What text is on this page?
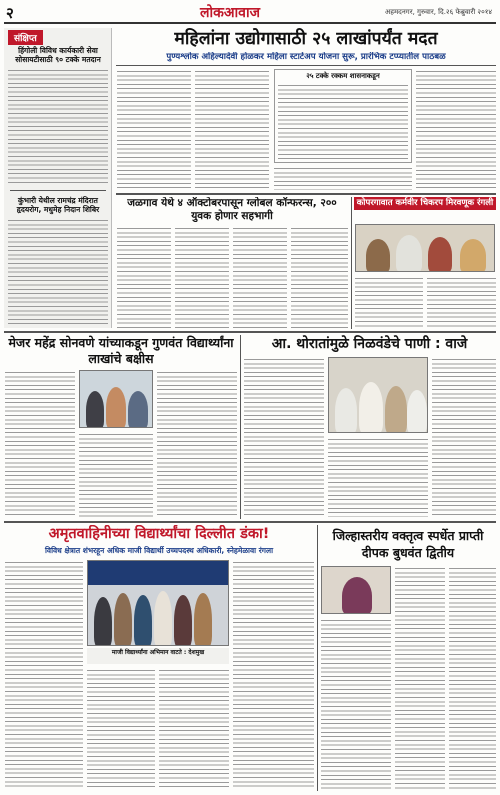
२	लोकआवाज	अहमदनगर, गुरुवार, दि.२६ फेब्रुवारी २०१४
संक्षिप्त
हिंगोली विविध कार्यकारी सेवा सोसायटीसाठी ९० टक्के मतदान
कुंभारी येथील रामचंद्र मंदिरात हृदयरोग, मधुमेह निदान शिबिर
महिलांना उद्योगासाठी २५ लाखांपर्यंत मदत
पुण्यश्लोक अहिल्यादेवी होळकर महिला स्टार्टअप योजना सुरू, प्रारंभिक टप्प्यातील पाठबळ
२५ टक्के रक्कम शासनाकडून
जळगाव येथे ४ ऑक्टोबरपासून ग्लोबल कॉन्फरन्स, २०० युवक होणार सहभागी
कोपरगावात कर्मवीर चिकरप मिरवणूक रंगली
मेजर महेंद्र सोनवणे यांच्याकडून गुणवंत विद्यार्थ्यांना लाखांचे बक्षीस
आ. थोरातांमुळे निळवंडेचे पाणी : वाजे
अमृतवाहिनीच्या विद्यार्थ्यांचा दिल्लीत डंका!
विविध क्षेत्रात शंभरहून अधिक माजी विद्यार्थी उच्चपदस्थ अधिकारी, स्नेहमेळावा रंगला
माजी विद्यार्थ्यांना अभिमान वाटते : देशमुख
जिल्हास्तरीय वक्तृत्व स्पर्धेत प्राप्ती दीपक बुधवंत द्वितीय
